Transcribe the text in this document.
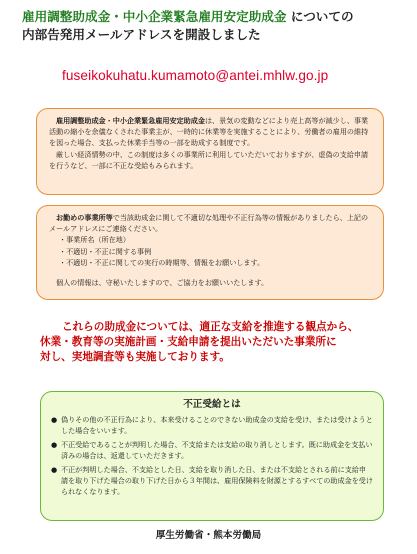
雇用調整助成金・中小企業緊急雇用安定助成金 についての
内部告発用メールアドレスを開設しました
fuseikokuhatu.kumamoto@antei.mhlw.go.jp

雇用調整助成金・中小企業緊急雇用安定助成金は、景気の変動などにより売上高等が減少し、事業活動の縮小を余儀なくされた事業主が、一時的に休業等を実施することにより、労働者の雇用の維持を図った場合、支払った休業手当等の一部を助成する制度です。

厳しい経済情勢の中、この制度は多くの事業所に利用していただいておりますが、虚偽の支給申請を行うなど、一部に不正な受給もみられます。

お勤めの事業所等で当該助成金に関して不適切な処理や不正行為等の情報がありましたら、上記のメールアドレスにご連絡ください。

・事業所名（所在地）
・不適切・不正に関する事例
・不適切・不正に関しての実行の時期等、情報をお願いします。

個人の情報は、守秘いたしますので、ご協力をお願いいたします。

これらの助成金については、適正な支給を推進する観点から、
休業・教育等の実施計画・支給申請を提出いただいた事業所に
対し、実地調査等も実施しております。
不正受給とは
● 偽りその他の不正行為により、本来受けることのできない助成金の支給を受け、または受けようとした場合をいいます。
● 不正受給であることが判明した場合、不支給または支給の取り消しとします。既に助成金を支払い済みの場合は、返還していただきます。
● 不正が判明した場合、不支給とした日、支給を取り消した日、または不支給とされる前に支給申請を取り下げた場合の取り下げた日から３年間は、雇用保険料を財源とするすべての助成金を受けられなくなります。
厚生労働省・熊本労働局
